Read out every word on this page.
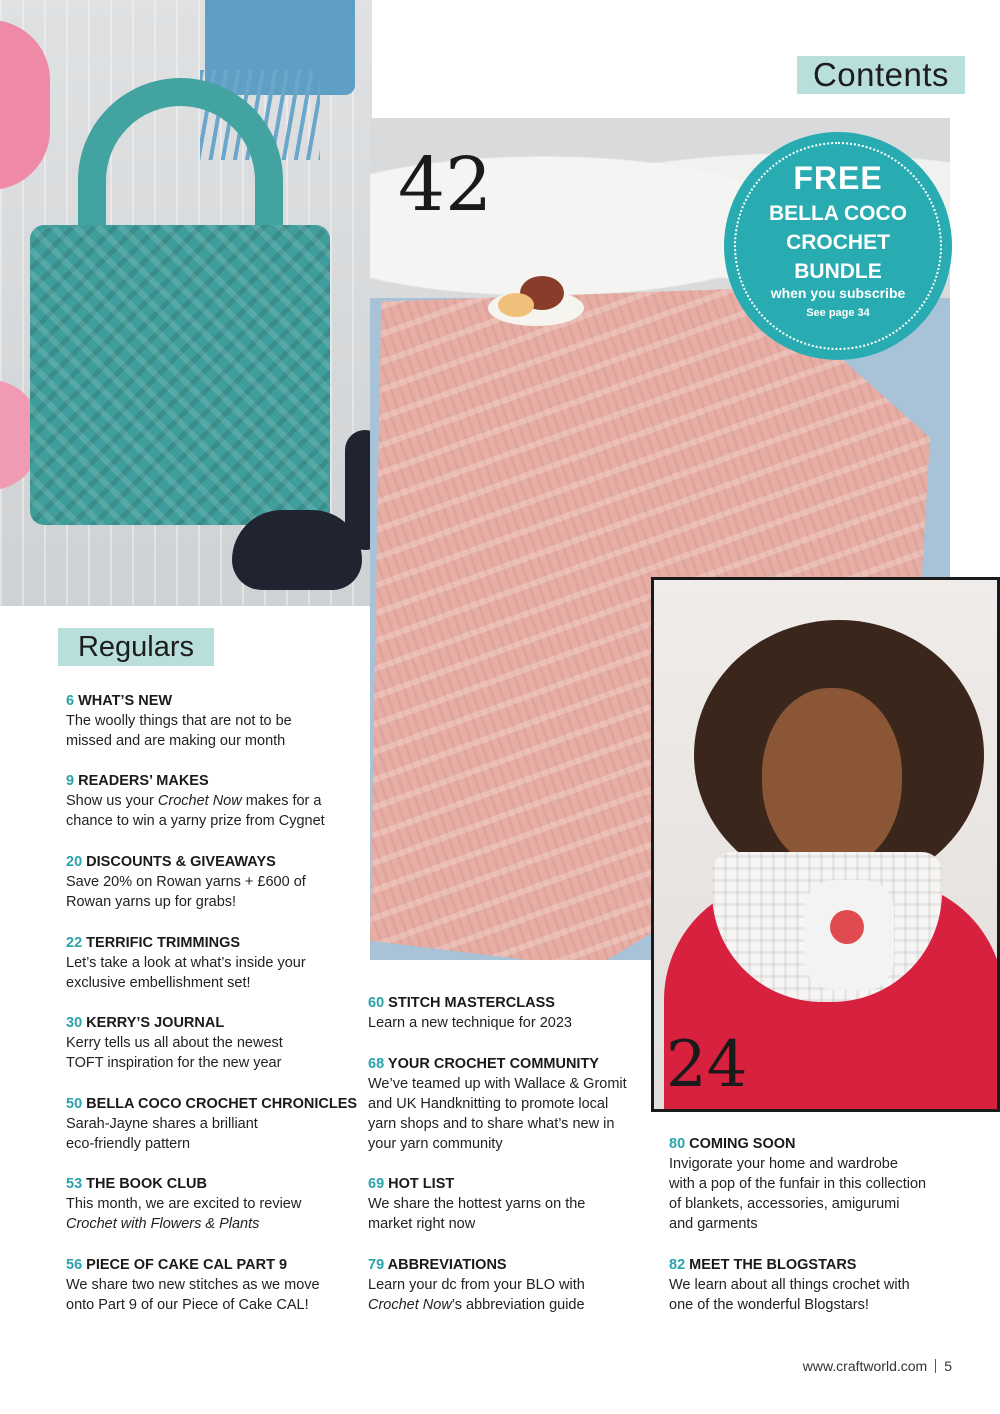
Contents
FREE
BELLA COCO
CROCHET
BUNDLE
when you subscribe
See page 34
42
24
Regulars
6 WHAT’S NEW
The woolly things that are not to be
missed and are making our month
9 READERS’ MAKES
Show us your Crochet Now makes for a
chance to win a yarny prize from Cygnet
20 DISCOUNTS & GIVEAWAYS
Save 20% on Rowan yarns + £600 of
Rowan yarns up for grabs!
22 TERRIFIC TRIMMINGS
Let’s take a look at what’s inside your
exclusive embellishment set!
30 KERRY’S JOURNAL
Kerry tells us all about the newest
TOFT inspiration for the new year
50 BELLA COCO CROCHET CHRONICLES
Sarah-Jayne shares a brilliant
eco-friendly pattern
53 THE BOOK CLUB
This month, we are excited to review
Crochet with Flowers & Plants
56 PIECE OF CAKE CAL PART 9
We share two new stitches as we move
onto Part 9 of our Piece of Cake CAL!
60 STITCH MASTERCLASS
Learn a new technique for 2023
68 YOUR CROCHET COMMUNITY
We’ve teamed up with Wallace & Gromit
and UK Handknitting to promote local
yarn shops and to share what’s new in
your yarn community
69 HOT LIST
We share the hottest yarns on the
market right now
79 ABBREVIATIONS
Learn your dc from your BLO with
Crochet Now’s abbreviation guide
80 COMING SOON
Invigorate your home and wardrobe
with a pop of the funfair in this collection
of blankets, accessories, amigurumi
and garments
82 MEET THE BLOGSTARS
We learn about all things crochet with
one of the wonderful Blogstars!
www.craftworld.com 5
